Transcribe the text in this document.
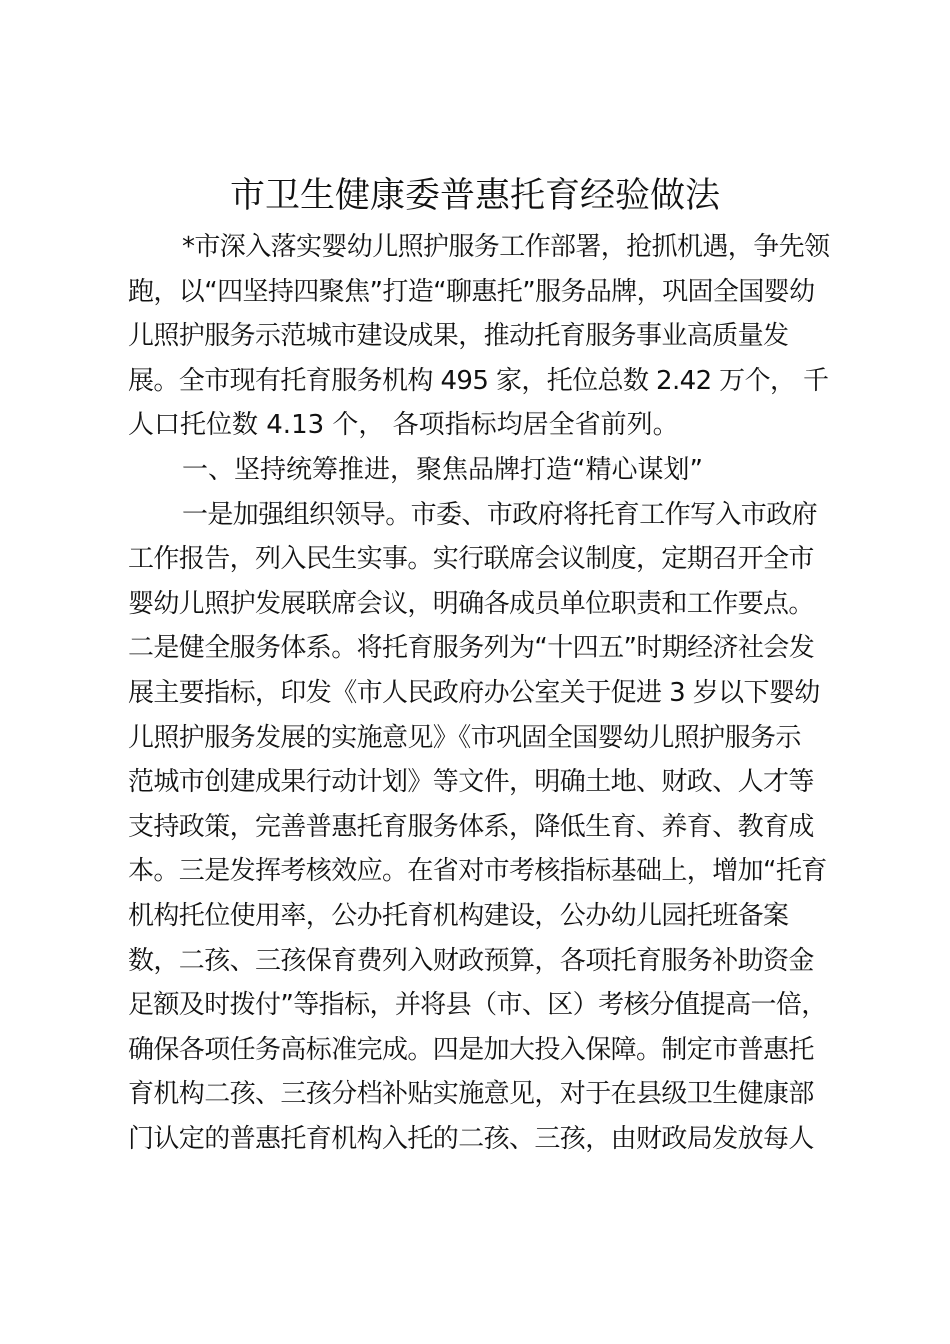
市卫生健康委普惠托育经验做法
*市深入落实婴幼儿照护服务工作部署，抢抓机遇，争先领
跑，以“四坚持四聚焦”打造“聊惠托”服务品牌，巩固全国婴幼
儿照护服务示范城市建设成果，推动托育服务事业高质量发
展。全市现有托育服务机构 495 家，托位总数 2.42 万个， 千
人口托位数 4.13 个， 各项指标均居全省前列。
一、坚持统筹推进，聚焦品牌打造“精心谋划”
一是加强组织领导。市委、市政府将托育工作写入市政府
工作报告，列入民生实事。实行联席会议制度，定期召开全市
婴幼儿照护发展联席会议，明确各成员单位职责和工作要点。
二是健全服务体系。将托育服务列为“十四五”时期经济社会发
展主要指标，印发《市人民政府办公室关于促进 3 岁以下婴幼
儿照护服务发展的实施意见》《市巩固全国婴幼儿照护服务示
范城市创建成果行动计划》等文件，明确土地、财政、人才等
支持政策，完善普惠托育服务体系，降低生育、养育、教育成
本。三是发挥考核效应。在省对市考核指标基础上，增加“托育
机构托位使用率，公办托育机构建设，公办幼儿园托班备案
数，二孩、三孩保育费列入财政预算，各项托育服务补助资金
足额及时拨付”等指标，并将县（市、区）考核分值提高一倍，
确保各项任务高标准完成。四是加大投入保障。制定市普惠托
育机构二孩、三孩分档补贴实施意见，对于在县级卫生健康部
门认定的普惠托育机构入托的二孩、三孩，由财政局发放每人
